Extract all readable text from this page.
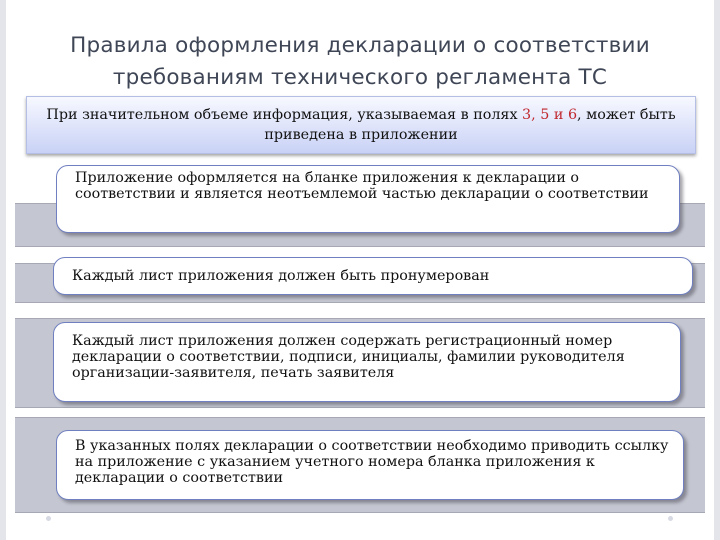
Правила оформления декларации о соответствии требованиям технического регламента ТС
При значительном объеме информация, указываемая в полях 3, 5 и 6, может быть приведена в приложении
Приложение оформляется на бланке приложения к декларации о соответствии и является неотъемлемой частью декларации о соответствии
Каждый лист приложения должен быть пронумерован
Каждый лист приложения должен содержать регистрационный номер декларации о соответствии, подписи, инициалы, фамилии руководителя организации-заявителя, печать заявителя
В указанных полях декларации о соответствии необходимо приводить ссылку на приложение с указанием учетного номера бланка приложения к декларации о соответствии
